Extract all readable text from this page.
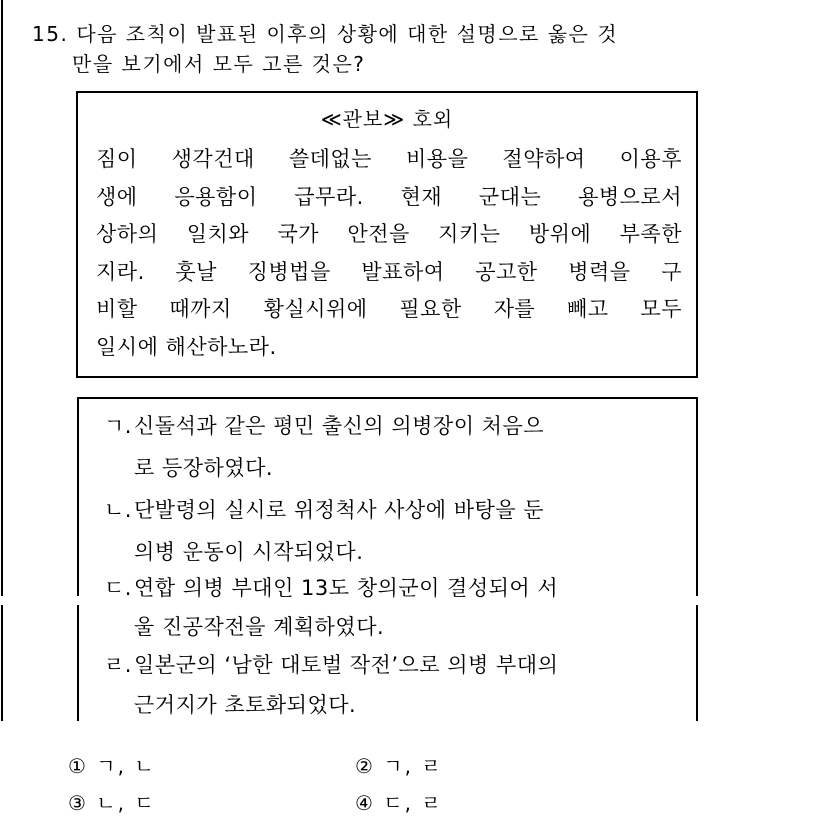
15. 다음 조칙이 발표된 이후의 상황에 대한 설명으로 옳은 것
만을 보기에서 모두 고른 것은?
≪관보≫ 호외
짐이 생각건대 쓸데없는 비용을 절약하여 이용후
생에 응용함이 급무라. 현재 군대는 용병으로서
상하의 일치와 국가 안전을 지키는 방위에 부족한
지라. 훗날 징병법을 발표하여 공고한 병력을 구
비할 때까지 황실시위에 필요한 자를 빼고 모두
일시에 해산하노라.
ㄱ.신돌석과 같은 평민 출신의 의병장이 처음으
로 등장하였다.
ㄴ.단발령의 실시로 위정척사 사상에 바탕을 둔
의병 운동이 시작되었다.
ㄷ.연합 의병 부대인 13도 창의군이 결성되어 서
울 진공작전을 계획하였다.
ㄹ.일본군의 ‘남한 대토벌 작전’으로 의병 부대의
근거지가 초토화되었다.
① ㄱ, ㄴ	② ㄱ, ㄹ
③ ㄴ, ㄷ	④ ㄷ, ㄹ
